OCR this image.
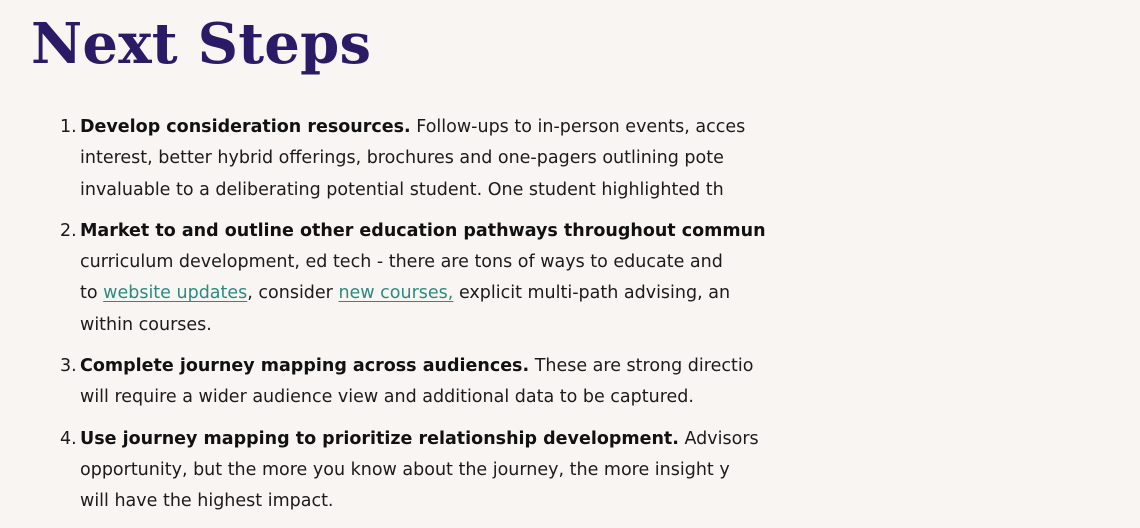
Next Steps
1. Develop consideration resources. Follow-ups to in-person events, acces
interest, better hybrid offerings, brochures and one-pagers outlining pote
invaluable to a deliberating potential student. One student highlighted th
2. Market to and outline other education pathways throughout commun
curriculum development, ed tech - there are tons of ways to educate and
to website updates, consider new courses, explicit multi-path advising, an
within courses.
3. Complete journey mapping across audiences. These are strong directio
will require a wider audience view and additional data to be captured.
4. Use journey mapping to prioritize relationship development. Advisors
opportunity, but the more you know about the journey, the more insight y
will have the highest impact.
